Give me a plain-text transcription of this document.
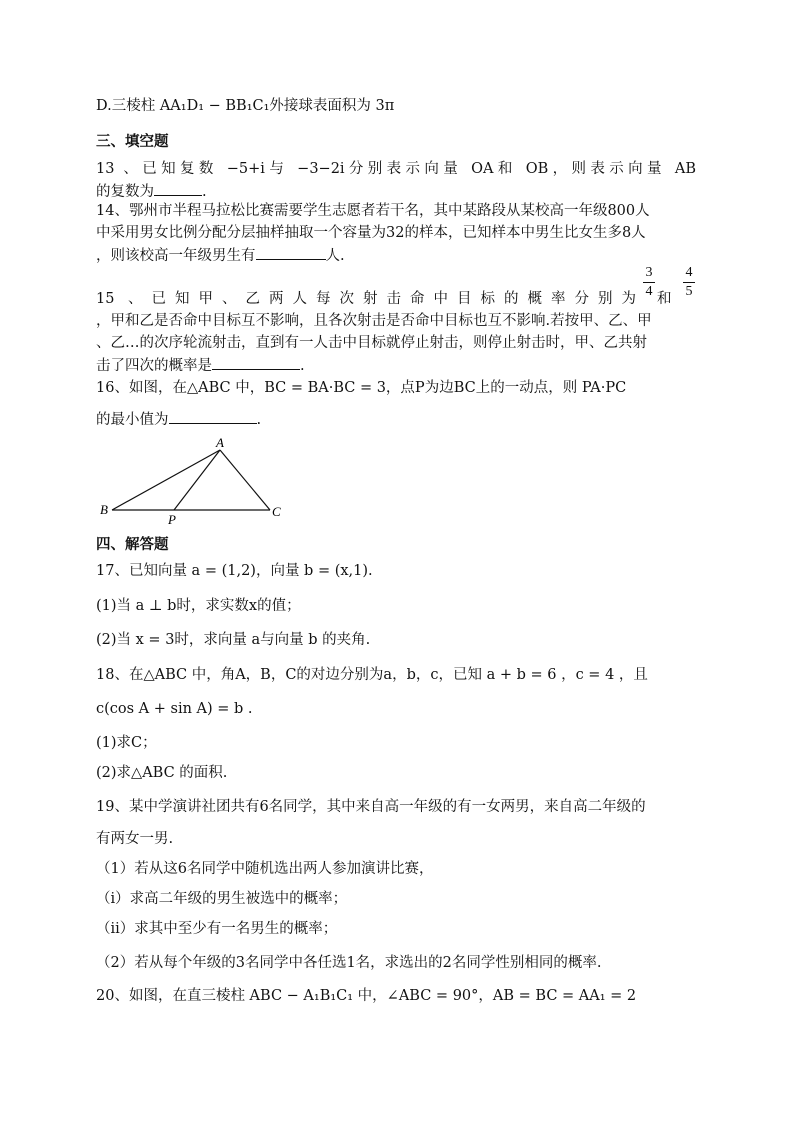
D.三棱柱 AA₁D₁ − BB₁C₁外接球表面积为 3π
三、填空题
13 、已知复数 −5+i与 −3−2i分别表示向量 OA和 OB，则表示向量 AB
的复数为	.
14、鄂州市半程马拉松比赛需要学生志愿者若干名，其中某路段从某校高一年级800人
中采用男女比例分配分层抽样抽取一个容量为32的样本，已知样本中男生比女生多8人
，则该校高一年级男生有	人.
15 、已知甲、乙两人每次射击命中目标的概率分别为
3
4 和
4
5
，甲和乙是否命中目标互不影响，且各次射击是否命中目标也互不影响.若按甲、乙、甲
、乙…的次序轮流射击，直到有一人击中目标就停止射击，则停止射击时，甲、乙共射
击了四次的概率是	.
16、如图，在△ABC 中，BC = BA·BC = 3，点P为边BC上的一动点，则 PA·PC
的最小值为	.
A
B
P
C
四、解答题
17、已知向量 a = (1,2)，向量 b = (x,1).
(1)当 a ⊥ b时，求实数x的值；
(2)当 x = 3时，求向量 a与向量 b 的夹角.
18、在△ABC 中，角A，B，C的对边分别为a，b，c，已知 a + b = 6 ，c = 4 ，且
c(cos A + sin A) = b .
(1)求C；
(2)求△ABC 的面积.
19、某中学演讲社团共有6名同学，其中来自高一年级的有一女两男，来自高二年级的
有两女一男.
（1）若从这6名同学中随机选出两人参加演讲比赛，
（i）求高二年级的男生被选中的概率；
（ii）求其中至少有一名男生的概率；
（2）若从每个年级的3名同学中各任选1名，求选出的2名同学性别相同的概率.
20、如图，在直三棱柱 ABC − A₁B₁C₁ 中，∠ABC = 90°，AB = BC = AA₁ = 2
